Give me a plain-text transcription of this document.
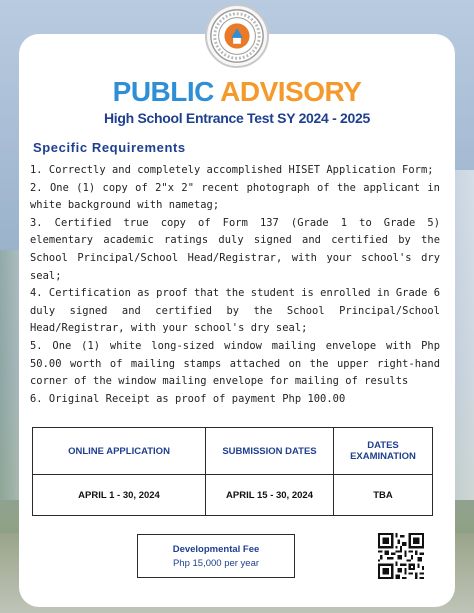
PUBLIC ADVISORY
High School Entrance Test SY 2024 - 2025
Specific Requirements

1. Correctly and completely accomplished HISET Application Form;

2. One (1) copy of 2"x 2" recent photograph of the applicant in white background with nametag;

3. Certified true copy of Form 137 (Grade 1 to Grade 5) elementary academic ratings duly signed and certified by the School Principal/School Head/Registrar, with your school's dry seal;

4. Certification as proof that the student is enrolled in Grade 6 duly signed and certified by the School Principal/School Head/Registrar, with your school's dry seal;

5. One (1) white long-sized window mailing envelope with Php 50.00 worth of mailing stamps attached on the upper right-hand corner of the window mailing envelope for mailing of results

6. Original Receipt as proof of payment Php 100.00

ONLINE APPLICATION	SUBMISSION DATES	DATES EXAMINATION
APRIL 1 - 30, 2024	APRIL 15 - 30, 2024	TBA
Developmental Fee
Php 15,000 per year
